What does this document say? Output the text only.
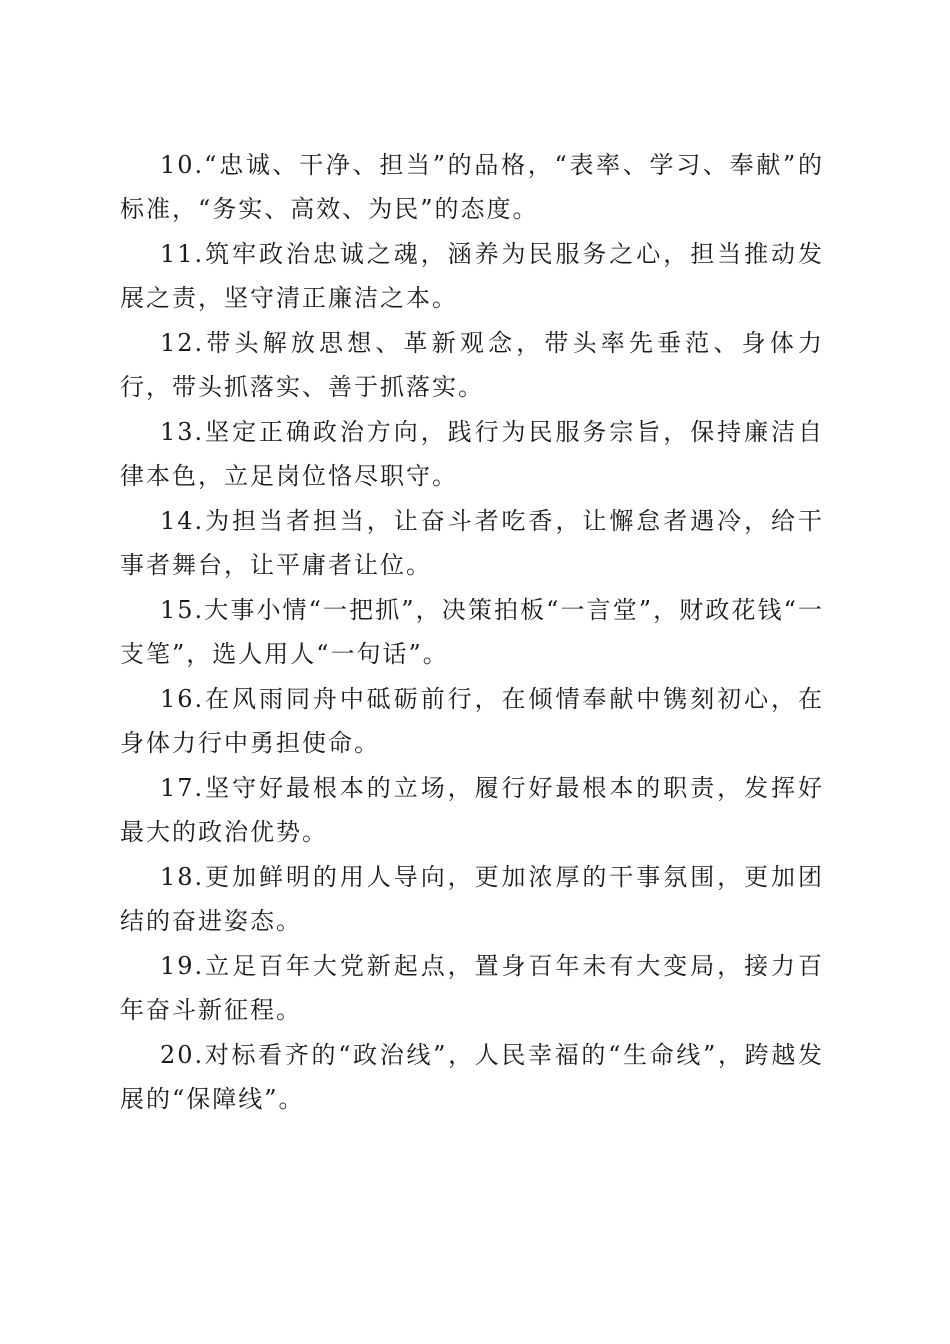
10.“忠诚、干净、担当”的品格，“表率、学习、奉献”的标准，“务实、高效、为民”的态度。

11.筑牢政治忠诚之魂，涵养为民服务之心，担当推动发展之责，坚守清正廉洁之本。

12.带头解放思想、革新观念，带头率先垂范、身体力行，带头抓落实、善于抓落实。

13.坚定正确政治方向，践行为民服务宗旨，保持廉洁自律本色，立足岗位恪尽职守。

14.为担当者担当，让奋斗者吃香，让懈怠者遇冷，给干事者舞台，让平庸者让位。

15.大事小情“一把抓”，决策拍板“一言堂”，财政花钱“一支笔”，选人用人“一句话”。

16.在风雨同舟中砥砺前行，在倾情奉献中镌刻初心，在身体力行中勇担使命。

17.坚守好最根本的立场，履行好最根本的职责，发挥好最大的政治优势。

18.更加鲜明的用人导向，更加浓厚的干事氛围，更加团结的奋进姿态。

19.立足百年大党新起点，置身百年未有大变局，接力百年奋斗新征程。

20.对标看齐的“政治线”，人民幸福的“生命线”，跨越发展的“保障线”。
